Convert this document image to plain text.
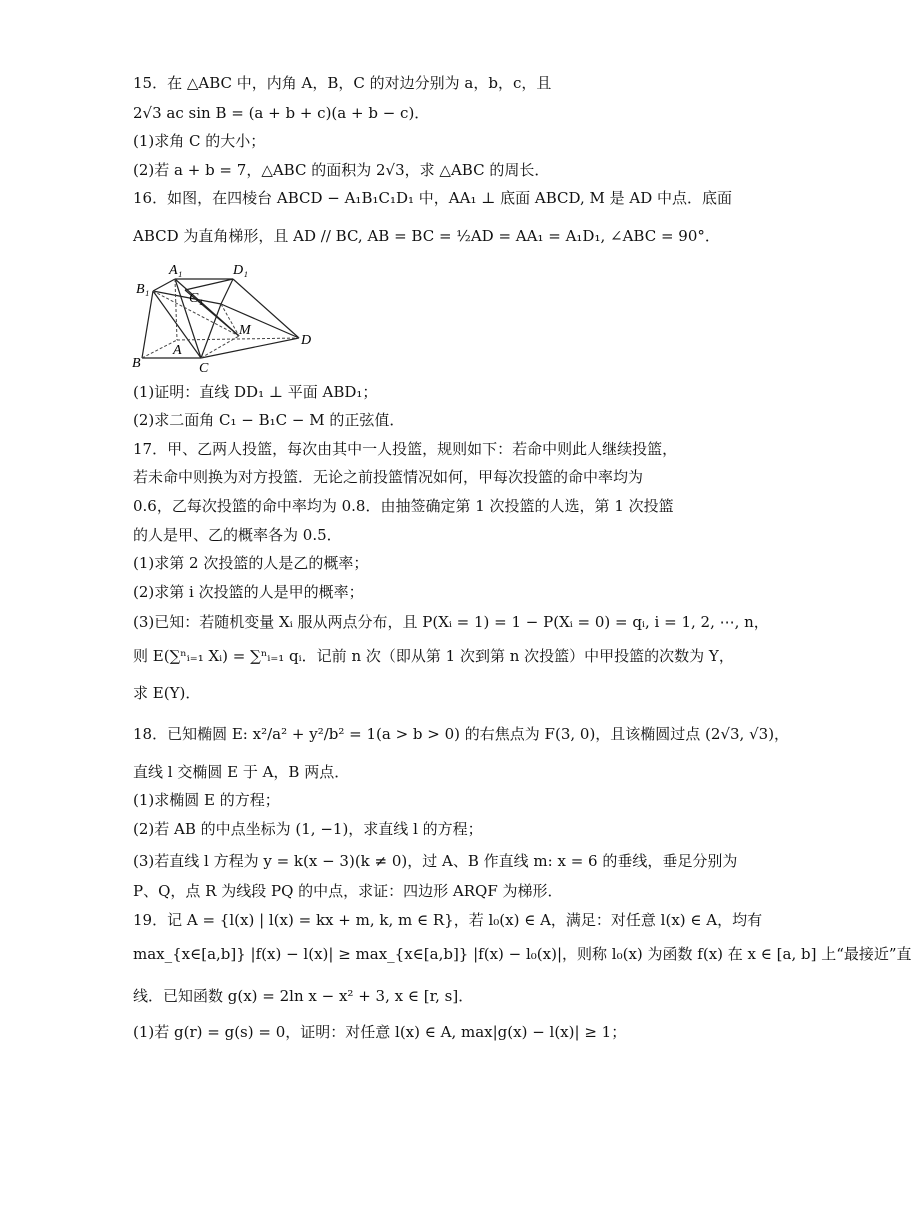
15．在 △ABC 中，内角 A，B，C 的对边分别为 a，b，c，且
2√3 ac sin B = (a + b + c)(a + b − c)．
(1)求角 C 的大小；
(2)若 a + b = 7，△ABC 的面积为 2√3，求 △ABC 的周长．
16．如图，在四棱台 ABCD − A₁B₁C₁D₁ 中，AA₁ ⊥ 底面 ABCD, M 是 AD 中点．底面
ABCD 为直角梯形，且 AD // BC, AB = BC = ½AD = AA₁ = A₁D₁, ∠ABC = 90°．
A₁	D₁
B₁
C₁
M
A
B	C
D
(1)证明：直线 DD₁ ⊥ 平面 ABD₁；
(2)求二面角 C₁ − B₁C − M 的正弦值．
17．甲、乙两人投篮，每次由其中一人投篮，规则如下：若命中则此人继续投篮，
若未命中则换为对方投篮．无论之前投篮情况如何，甲每次投篮的命中率均为
0.6，乙每次投篮的命中率均为 0.8．由抽签确定第 1 次投篮的人选，第 1 次投篮
的人是甲、乙的概率各为 0.5．
(1)求第 2 次投篮的人是乙的概率；
(2)求第 i 次投篮的人是甲的概率；
(3)已知：若随机变量 Xᵢ 服从两点分布，且 P(Xᵢ = 1) = 1 − P(Xᵢ = 0) = qᵢ, i = 1, 2, ⋯, n，
则 E(∑ⁿᵢ₌₁ Xᵢ) = ∑ⁿᵢ₌₁ qᵢ．记前 n 次（即从第 1 次到第 n 次投篮）中甲投篮的次数为 Y，
求 E(Y)．
18．已知椭圆 E: x²/a² + y²/b² = 1(a > b > 0) 的右焦点为 F(3, 0)，且该椭圆过点 (2√3, √3)，
直线 l 交椭圆 E 于 A，B 两点．
(1)求椭圆 E 的方程；
(2)若 AB 的中点坐标为 (1, −1)，求直线 l 的方程；
(3)若直线 l 方程为 y = k(x − 3)(k ≠ 0)，过 A、B 作直线 m: x = 6 的垂线，垂足分别为
P、Q，点 R 为线段 PQ 的中点，求证：四边形 ARQF 为梯形．
19．记 A = {l(x) | l(x) = kx + m, k, m ∈ R}，若 l₀(x) ∈ A，满足：对任意 l(x) ∈ A，均有
max_{x∈[a,b]} |f(x) − l(x)| ≥ max_{x∈[a,b]} |f(x) − l₀(x)|，则称 l₀(x) 为函数 f(x) 在 x ∈ [a, b] 上“最接近”直
线．已知函数 g(x) = 2ln x − x² + 3, x ∈ [r, s]．
(1)若 g(r) = g(s) = 0，证明：对任意 l(x) ∈ A, max|g(x) − l(x)| ≥ 1；
